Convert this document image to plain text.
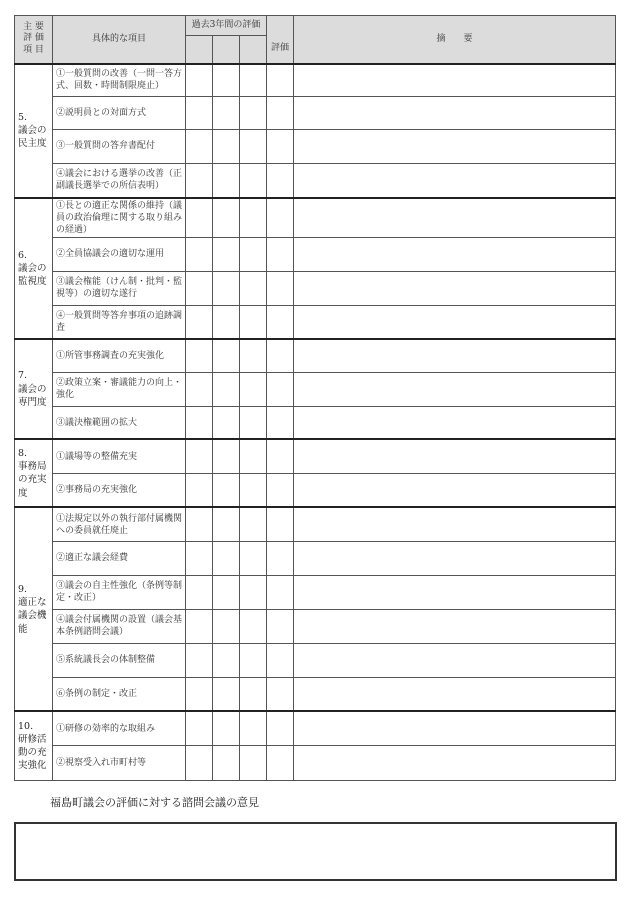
主 要
評 価
項 目	具体的な項目	過去3年間の評価			評価	摘　　要

5.
議会の
民主度	①一般質問の改善（一問一答方式、回数・時間制限廃止）					
	②説明員との対面方式					
	③一般質問の答弁書配付					
	④議会における選挙の改善（正副議長選挙での所信表明）					
6.
議会の
監視度	①長との適正な関係の維持（議員の政治倫理に関する取り組みの経過）					
	②全員協議会の適切な運用					
	③議会権能（けん制・批判・監視等）の適切な遂行					
	④一般質問等答弁事項の追跡調査					
7.
議会の
専門度	①所管事務調査の充実強化					
	②政策立案・審議能力の向上・強化					
	③議決権範囲の拡大					
8.
事務局
の充実
度	①議場等の整備充実					
	②事務局の充実強化					
9.
適正な
議会機
能	①法規定以外の執行部付属機関への委員就任廃止					
	②適正な議会経費					
	③議会の自主性強化（条例等制定・改正）					
	④議会付属機関の設置（議会基本条例諮問会議）					
	⑤系統議長会の体制整備					
	⑥条例の制定・改正					
10.
研修活
動の充
実強化	①研修の効率的な取組み					
	②視察受入れ市町村等					
福島町議会の評価に対する諮問会議の意見
